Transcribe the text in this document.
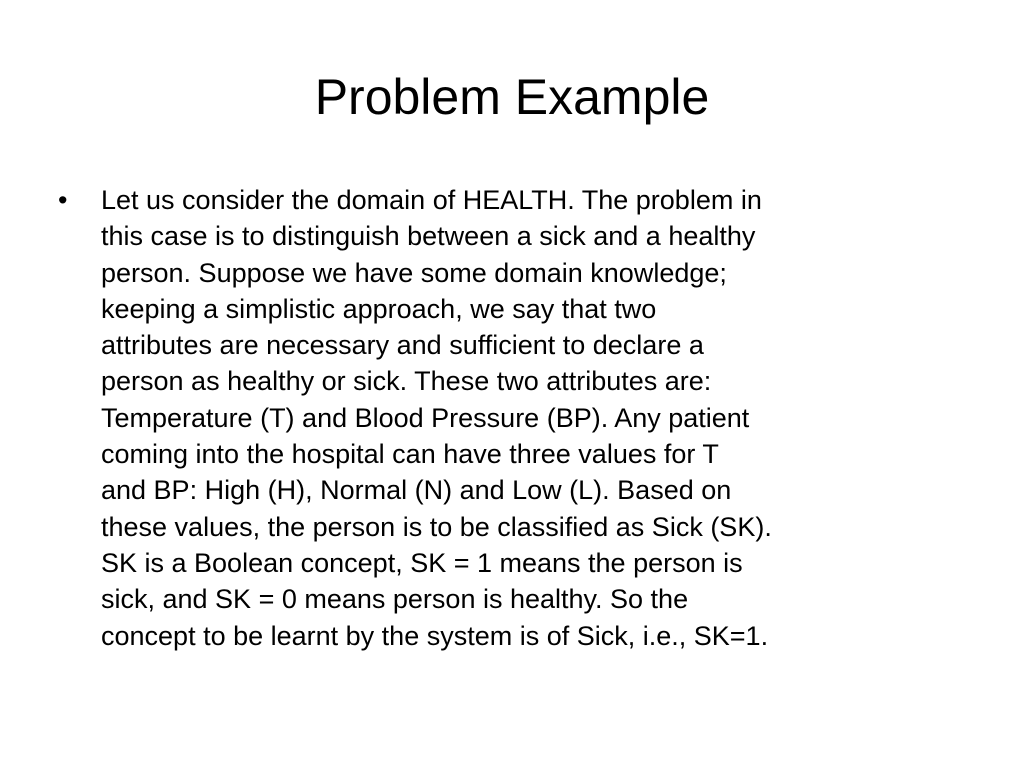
Problem Example
• Let us consider the domain of HEALTH. The problem in
this case is to distinguish between a sick and a healthy
person. Suppose we have some domain knowledge;
keeping a simplistic approach, we say that two
attributes are necessary and sufficient to declare a
person as healthy or sick. These two attributes are:
Temperature (T) and Blood Pressure (BP). Any patient
coming into the hospital can have three values for T
and BP: High (H), Normal (N) and Low (L). Based on
these values, the person is to be classified as Sick (SK).
SK is a Boolean concept, SK = 1 means the person is
sick, and SK = 0 means person is healthy. So the
concept to be learnt by the system is of Sick, i.e., SK=1.
